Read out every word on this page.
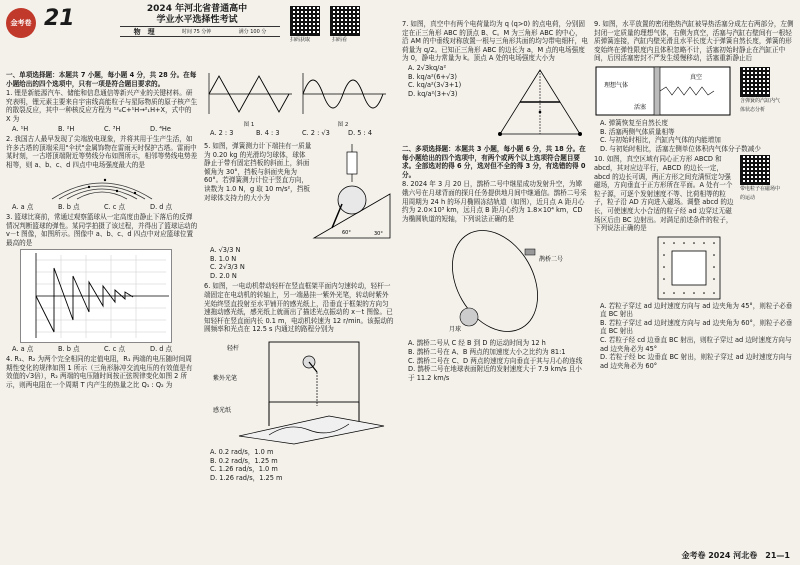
金考卷 21	2024 年河北省普通高中
学业水平选择性考试
物　理	时间 75 分钟	满分 100 分
扫码获取	扫码看
一、单项选择题：本题共 7 小题，每小题 4 分，共 28 分。在每小题给出的四个选项中，只有一项是符合题目要求的。
1. 锂是新能源汽车、储能和信息通信等新兴产业的关键材料。研究表明，锂元素主要来自宇宙线高能粒子与星际物质的原子核产生的散裂反应，其中一种核反应方程为 ¹²₆C+¹H→²₁H+X，式中的 X 为
A. ¹H	B. ²H	C. ³H	D. ⁴He
2. 我国古人最早发现了尖端放电现象，并将其用于生产生活，如许多古塔的顶端采用"伞状"金属饰物在雷雨天时保护古塔。雷雨中某时刻，一古塔顶端附近等势线分布如图所示，相邻等势线电势差相等，则 a、b、c、d 四点中电场强度最大的是
A. a 点	B. b 点	C. c 点	D. d 点
3. 篮球比赛前，常通过观察篮球从一定高度由静止下落后的反弹情况判断篮球的弹性。某同学拍摄了该过程，并得出了篮球运动的 v－t 图像，如图所示。图像中 a、b、c、d 四点中对应篮球位置最高的是
A. a 点	B. b 点	C. c 点	D. d 点
4. R₁、R₂ 为两个完全相同的定值电阻，R₁ 两端的电压随时间周期性变化的规律如图 1 所示（三角形脉冲交流电压的有效值是有效值的√3倍），R₂ 两端的电压随时间按正弦规律变化如图 2 所示，则两电阻在一个周期 T 内产生的热量之比 Q₁ : Q₂ 为
图 1	图 2
A. 2 : 3	B. 4 : 3	C. 2 : √3	D. 5 : 4
5. 如图，弹簧测力计下端挂有一质量为 0.20 kg 的光滑均匀球体，球体静止于带有固定挡板的斜面上，斜面倾角为 30°，挡板与斜面夹角为 60°。若弹簧测力计位于竖直方向，读数为 1.0 N，g 取 10 m/s²，挡板对球体支持力的大小为
60°	30°
A. √3/3 N
B. 1.0 N
C. 2√3/3 N
D. 2.0 N
6. 如图，一电动机带动轻杆在竖直框架平面内匀速转动，轻杆一端固定在电动机的转轴上，另一端悬挂一紫外光笔，转动时紫外光始终竖直投射至水平铺开的感光纸上，沿垂直于框架的方向匀速拖动感光纸，感光纸上就画出了描述光点振动的 x－t 图像。已知轻杆在竖直面内长 0.1 m，电动机转速为 12 r/min。该振动的圆频率和光点在 12.5 s 内通过的路程分别为
轻杆
紫外光笔
感光纸
A. 0.2 rad/s，1.0 m
B. 0.2 rad/s，1.25 m
C. 1.26 rad/s，1.0 m
D. 1.26 rad/s，1.25 m
7. 如图，真空中有两个电荷量均为 q (q>0) 的点电荷，分别固定在正三角形 ABC 的顶点 B、C。M 为三角形 ABC 的中心，沿 AM 的中垂线对称放置一根与三角形共面的均匀带电细杆，电荷量为 q/2。已知正三角形 ABC 的边长为 a，M 点的电场强度为 0，静电力常量为 k。顶点 A 处的电场强度大小为
A. 2√3kq/a²
B. kq/a²(6+√3)
C. kq/a²(3√3+1)
D. kq/a²(3+√3)
二、多项选择题：本题共 3 小题，每小题 6 分，共 18 分。在每小题给出的四个选项中，有两个或两个以上选项符合题目要求。全部选对的得 6 分，选对但不全的得 3 分，有选错的得 0 分。
8. 2024 年 3 月 20 日，鹊桥二号中继星成功发射升空，为嫦娥六号在月球背面的探月任务提供地月间中继通信。鹊桥二号采用周期为 24 h 的环月椭圆冻结轨道（如图），近月点 A 距月心约为 2.0×10³ km，远月点 B 距月心约为 1.8×10⁴ km，CD 为椭圆轨道的短轴，下列说法正确的是
月球
鹊桥二号
A. 鹊桥二号从 C 经 B 到 D 的运动时间为 12 h
B. 鹊桥二号在 A、B 两点的加速度大小之比约为 81:1
C. 鹊桥二号在 C、D 两点的速度方向垂直于其与月心的连线
D. 鹊桥二号在地球表面附近的发射速度大于 7.9 km/s 且小于 11.2 km/s
9. 如图，水平放置的密闭绝热汽缸被导热活塞分成左右两部分，左侧封闭一定质量的理想气体，右侧为真空，活塞与汽缸右壁间有一根轻质弹簧连接，汽缸内壁光滑且水平长度大于弹簧自然长度，弹簧的形变始终在弹性限度内且体积忽略不计，活塞初始时静止在汽缸正中间，后因活塞密封不严发生缓慢移动，活塞重新静止后
理想气体
真空
活塞
含弹簧的汽缸内气体状态分析
A. 弹簧恢复至自然长度
B. 活塞两侧气体质量相等
C. 与初始时相比，汽缸内气体的内能增加
D. 与初始时相比，活塞左侧单位体积内气体分子数减少
10. 如图，真空区域有同心正方形 ABCD 和 abcd，其对应边平行，ABCD 的边长一定，abcd 的边长可调，两正方形之间充满恒定匀强磁场，方向垂直于正方形所在平面。A 处有一个粒子源，可逐个发射速度不等、比荷相等的粒子，粒子沿 AD 方向进入磁场。调整 abcd 的边长，可使速度大小合适的粒子经 ad 边穿过无磁场区后由 BC 边射出。对满足前述条件的粒子，下列说法正确的是
带电粒子在磁场中的运动
A. 若粒子穿过 ad 边时速度方向与 ad 边夹角为 45°，则粒子必垂直 BC 射出
B. 若粒子穿过 ad 边时速度方向与 ad 边夹角为 60°，则粒子必垂直 BC 射出
C. 若粒子经 cd 边垂直 BC 射出，则粒子穿过 ad 边时速度方向与 ad 边夹角必为 45°
D. 若粒子经 bc 边垂直 BC 射出，则粒子穿过 ad 边时速度方向与 ad 边夹角必为 60°
金考卷 2024 河北卷　21—1
